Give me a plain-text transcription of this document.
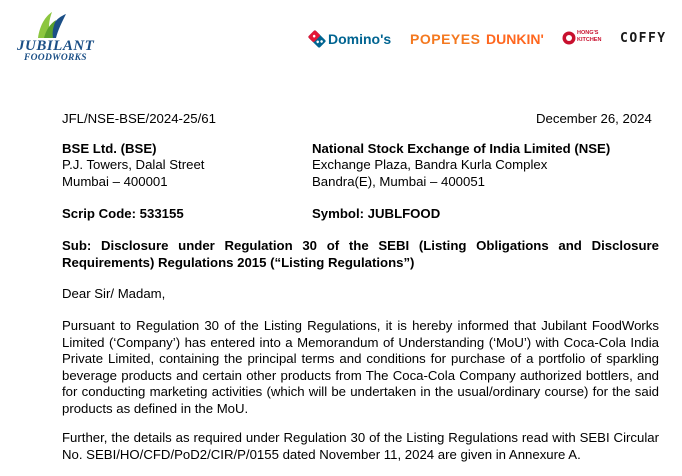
JUBILANT
FOODWORKS
Domino's POPEYES DUNKIN'	HONG'S KITCHEN COFFY
JFL/NSE-BSE/2024-25/61	December 26, 2024
BSE Ltd. (BSE)
P.J. Towers, Dalal Street
Mumbai – 400001
Scrip Code: 533155
National Stock Exchange of India Limited (NSE)
Exchange Plaza, Bandra Kurla Complex
Bandra(E), Mumbai – 400051
Symbol: JUBLFOOD
Sub: Disclosure under Regulation 30 of the SEBI (Listing Obligations and Disclosure Requirements) Regulations 2015 (“Listing Regulations”)
Dear Sir/ Madam,
Pursuant to Regulation 30 of the Listing Regulations, it is hereby informed that Jubilant FoodWorks Limited (‘Company’) has entered into a Memorandum of Understanding (‘MoU’) with Coca-Cola India Private Limited, containing the principal terms and conditions for purchase of a portfolio of sparkling beverage products and certain other products from The Coca-Cola Company authorized bottlers, and for conducting marketing activities (which will be undertaken in the usual/ordinary course) for the said products as defined in the MoU.
Further, the details as required under Regulation 30 of the Listing Regulations read with SEBI Circular No. SEBI/HO/CFD/PoD2/CIR/P/0155 dated November 11, 2024 are given in Annexure A.
